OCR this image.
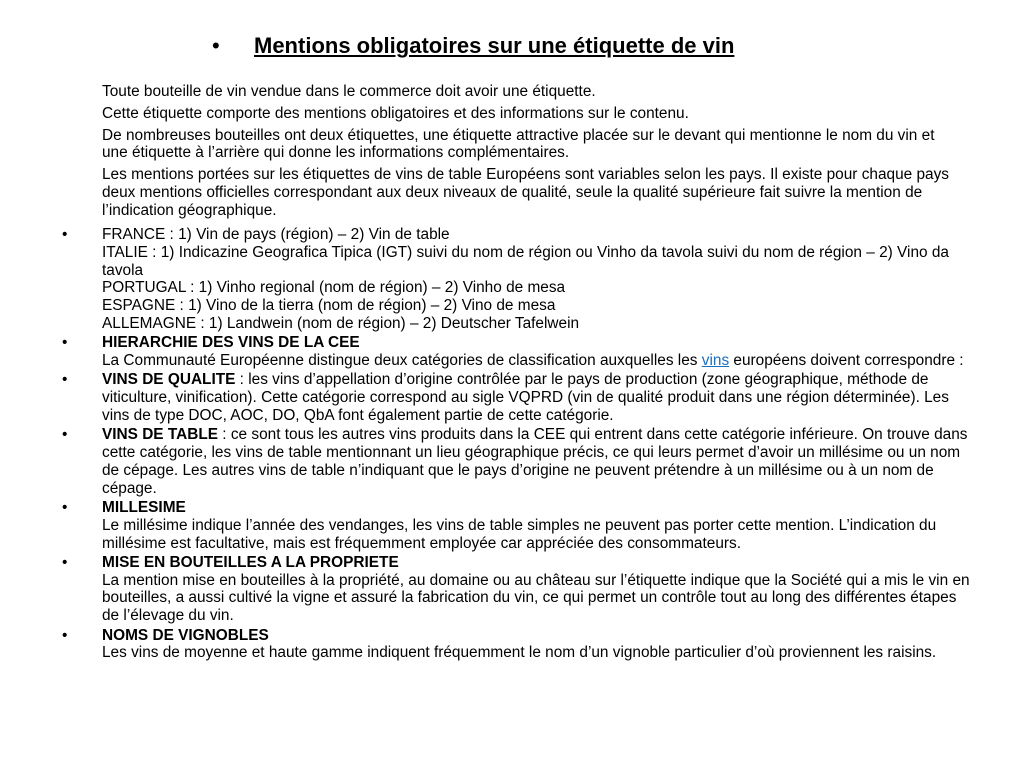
• Mentions obligatoires sur une étiquette de vin

Toute bouteille de vin vendue dans le commerce doit avoir une étiquette.

Cette étiquette comporte des mentions obligatoires et des informations sur le contenu.

De nombreuses bouteilles ont deux étiquettes, une étiquette attractive placée sur le devant qui mentionne le nom du vin et une étiquette à l’arrière qui donne les informations complémentaires.

Les mentions portées sur les étiquettes de vins de table Européens sont variables selon les pays. Il existe pour chaque pays deux mentions officielles correspondant aux deux niveaux de qualité, seule la qualité supérieure fait suivre la mention de l’indication géographique.

•	FRANCE : 1) Vin de pays (région) – 2) Vin de table
ITALIE : 1) Indicazine Geografica Tipica (IGT) suivi du nom de région ou Vinho da tavola suivi du nom de région – 2) Vino da tavola
PORTUGAL : 1) Vinho regional (nom de région) – 2) Vinho de mesa
ESPAGNE : 1) Vino de la tierra (nom de région) – 2) Vino de mesa
ALLEMAGNE : 1) Landwein (nom de région) – 2) Deutscher Tafelwein
•	HIERARCHIE DES VINS DE LA CEE
La Communauté Européenne distingue deux catégories de classification auxquelles les vins européens doivent correspondre :
•	VINS DE QUALITE : les vins d’appellation d’origine contrôlée par le pays de production (zone géographique, méthode de viticulture, vinification). Cette catégorie correspond au sigle VQPRD (vin de qualité produit dans une région déterminée). Les vins de type DOC, AOC, DO, QbA font également partie de cette catégorie.
•	VINS DE TABLE : ce sont tous les autres vins produits dans la CEE qui entrent dans cette catégorie inférieure. On trouve dans cette catégorie, les vins de table mentionnant un lieu géographique précis, ce qui leurs permet d’avoir un millésime ou un nom de cépage. Les autres vins de table n’indiquant que le pays d’origine ne peuvent prétendre à un millésime ou à un nom de cépage.
•	MILLESIME
Le millésime indique l’année des vendanges, les vins de table simples ne peuvent pas porter cette mention. L’indication du millésime est facultative, mais est fréquemment employée car appréciée des consommateurs.
•	MISE EN BOUTEILLES A LA PROPRIETE
La mention mise en bouteilles à la propriété, au domaine ou au château sur l’étiquette indique que la Société qui a mis le vin en bouteilles, a aussi cultivé la vigne et assuré la fabrication du vin, ce qui permet un contrôle tout au long des différentes étapes de l’élevage du vin.
•	NOMS DE VIGNOBLES
Les vins de moyenne et haute gamme indiquent fréquemment le nom d’un vignoble particulier d’où proviennent les raisins.
